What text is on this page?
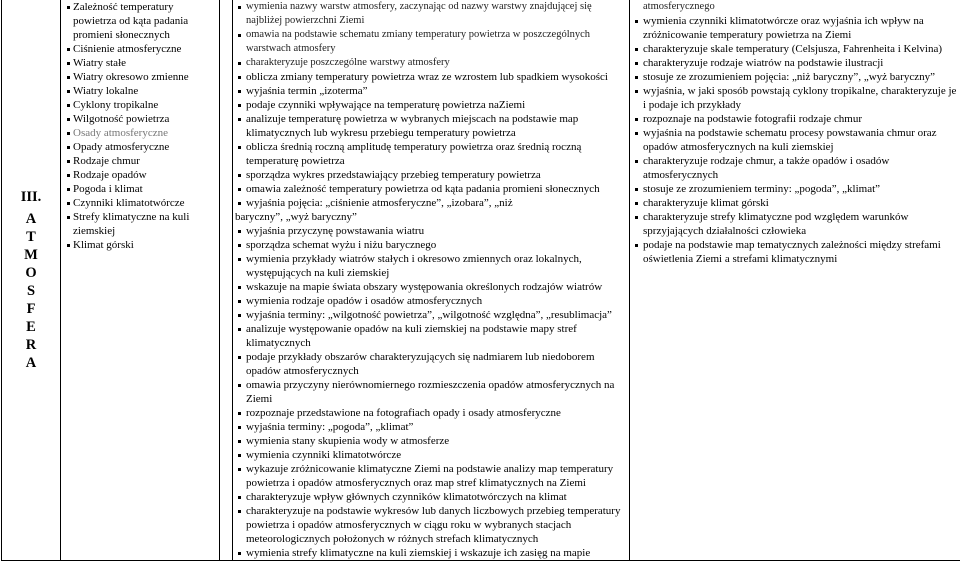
III.
A
T
M
O
S
F
E
R
A

Zależność temperatury powietrza od kąta padania promieni słonecznych
Ciśnienie atmosferyczne
Wiatry stałe
Wiatry okresowo zmienne
Wiatry lokalne
Cyklony tropikalne
Wilgotność powietrza
Osady atmosferyczne
Opady atmosferyczne
Rodzaje chmur
Rodzaje opadów
Pogoda i klimat
Czynniki klimatotwórcze
Strefy klimatyczne na kuli ziemskiej
Klimat górski

wymienia nazwy warstw atmosfery, zaczynając od nazwy warstwy znajdującej się najbliżej powierzchni Ziemi
omawia na podstawie schematu zmiany temperatury powietrza w poszczególnych warstwach atmosfery
charakteryzuje poszczególne warstwy atmosfery
oblicza zmiany temperatury powietrza wraz ze wzrostem lub spadkiem wysokości
wyjaśnia termin „izoterma”
podaje czynniki wpływające na temperaturę powietrza naZiemi
analizuje temperaturę powietrza w wybranych miejscach na podstawie map klimatycznych lub wykresu przebiegu temperatury powietrza
oblicza średnią roczną amplitudę temperatury powietrza oraz średnią roczną temperaturę powietrza
sporządza wykres przedstawiający przebieg temperatury powietrza
omawia zależność temperatury powietrza od kąta padania promieni słonecznych
wyjaśnia pojęcia: „ciśnienie atmosferyczne”, „izobara”, „niż
baryczny”, „wyż baryczny”
wyjaśnia przyczynę powstawania wiatru
sporządza schemat wyżu i niżu barycznego
wymienia przykłady wiatrów stałych i okresowo zmiennych oraz lokalnych, występujących na kuli ziemskiej
wskazuje na mapie świata obszary występowania określonych rodzajów wiatrów
wymienia rodzaje opadów i osadów atmosferycznych
wyjaśnia terminy: „wilgotność powietrza”, „wilgotność względna”, „resublimacja”
analizuje występowanie opadów na kuli ziemskiej na podstawie mapy stref klimatycznych
podaje przykłady obszarów charakteryzujących się nadmiarem lub niedoborem opadów atmosferycznych
omawia przyczyny nierównomiernego rozmieszczenia opadów atmosferycznych na Ziemi
rozpoznaje przedstawione na fotografiach opady i osady atmosferyczne
wyjaśnia terminy: „pogoda”, „klimat”
wymienia stany skupienia wody w atmosferze
wymienia czynniki klimatotwórcze
wykazuje zróżnicowanie klimatyczne Ziemi na podstawie analizy map temperatury powietrza i opadów atmosferycznych oraz map stref klimatycznych na Ziemi
charakteryzuje wpływ głównych czynników klimatotwórczych na klimat
charakteryzuje na podstawie wykresów lub danych liczbowych przebieg temperatury powietrza i opadów atmosferycznych w ciągu roku w wybranych stacjach meteorologicznych położonych w różnych strefach klimatycznych
wymienia strefy klimatyczne na kuli ziemskiej i wskazuje ich zasięg na mapie

atmosferycznego
wymienia czynniki klimatotwórcze oraz wyjaśnia ich wpływ na zróżnicowanie temperatury powietrza na Ziemi
charakteryzuje skale temperatury (Celsjusza, Fahrenheita i Kelvina)
charakteryzuje rodzaje wiatrów na podstawie ilustracji
stosuje ze zrozumieniem pojęcia: „niż baryczny”, „wyż baryczny”
wyjaśnia, w jaki sposób powstają cyklony tropikalne, charakteryzuje je i podaje ich przykłady
rozpoznaje na podstawie fotografii rodzaje chmur
wyjaśnia na podstawie schematu procesy powstawania chmur oraz opadów atmosferycznych na kuli ziemskiej
charakteryzuje rodzaje chmur, a także opadów i osadów atmosferycznych
stosuje ze zrozumieniem terminy: „pogoda”, „klimat”
charakteryzuje klimat górski
charakteryzuje strefy klimatyczne pod względem warunków sprzyjających działalności człowieka
podaje na podstawie map tematycznych zależności między strefami oświetlenia Ziemi a strefami klimatycznymi
